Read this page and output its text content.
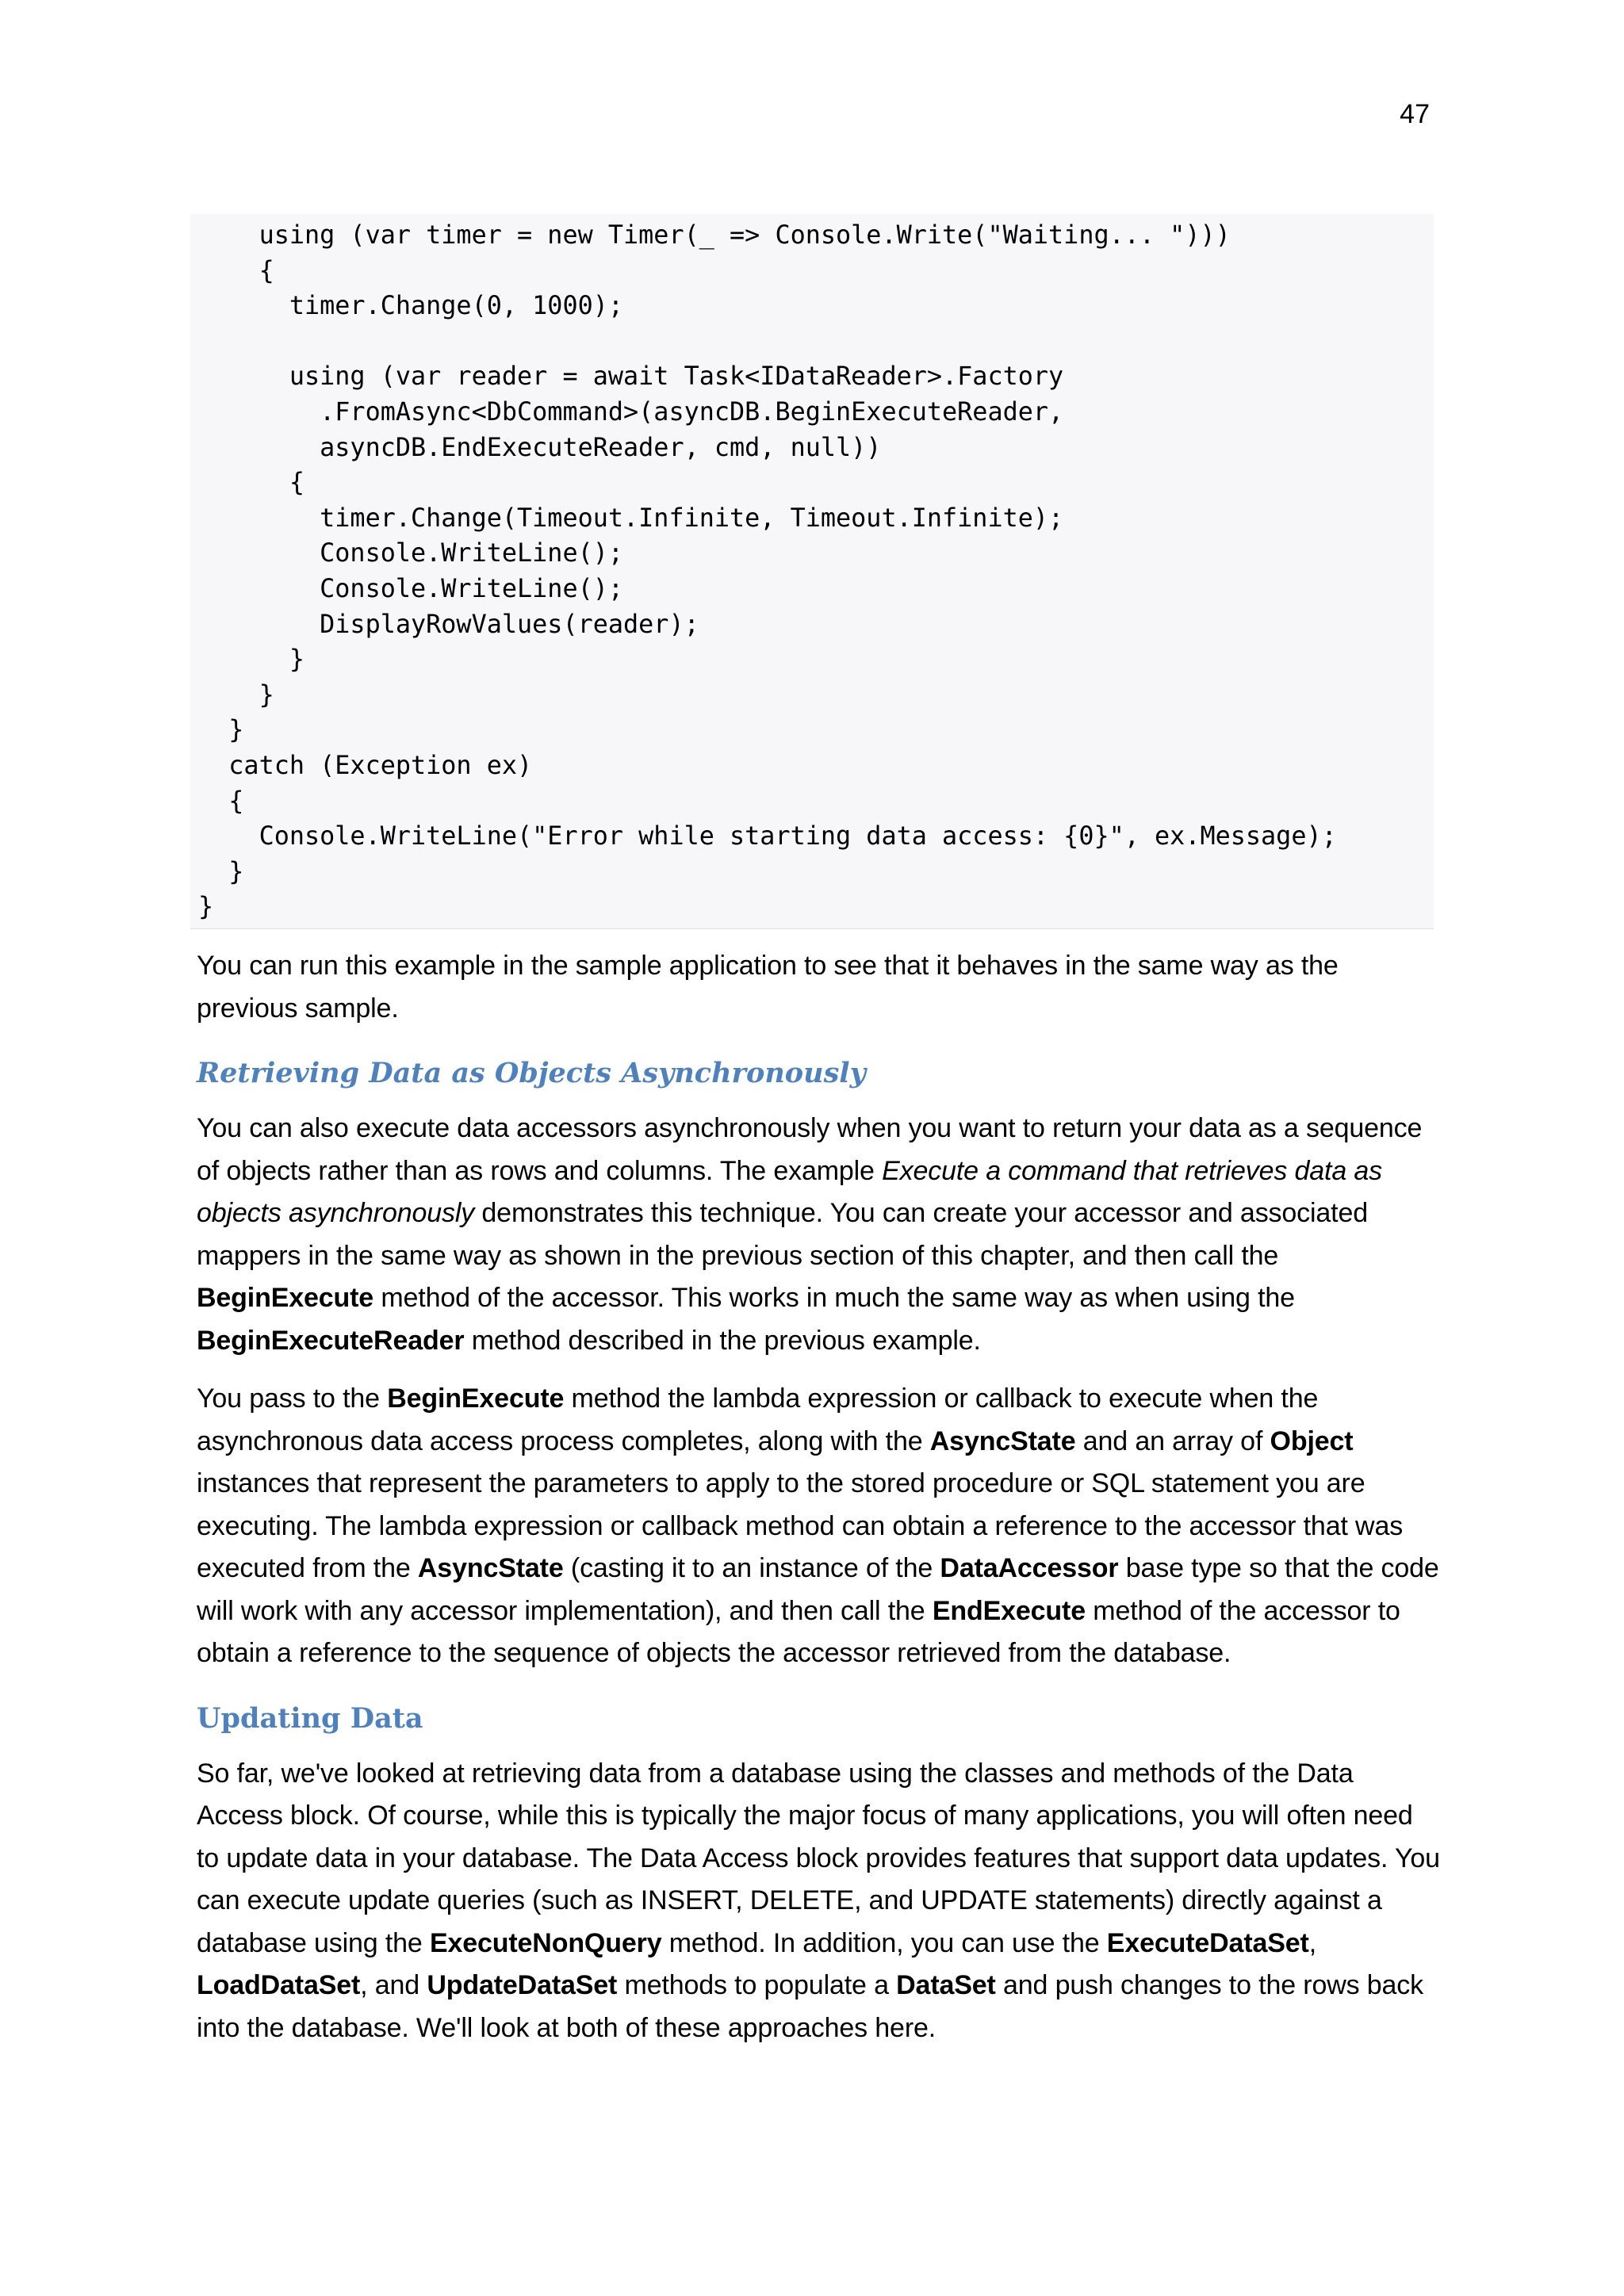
47
using (var timer = new Timer(_ => Console.Write("Waiting... ")))
{
timer.Change(0, 1000);
using (var reader = await Task<IDataReader>.Factory
.FromAsync<DbCommand>(asyncDB.BeginExecuteReader,
asyncDB.EndExecuteReader, cmd, null))
{
timer.Change(Timeout.Infinite, Timeout.Infinite);
Console.WriteLine();
Console.WriteLine();
DisplayRowValues(reader);
}
}
}
catch (Exception ex)
{
Console.WriteLine("Error while starting data access: {0}", ex.Message);
}
}

You can run this example in the sample application to see that it behaves in the same way as the previous sample.

Retrieving Data as Objects Asynchronously

You can also execute data accessors asynchronously when you want to return your data as a sequence of objects rather than as rows and columns. The example Execute a command that retrieves data as objects asynchronously demonstrates this technique. You can create your accessor and associated mappers in the same way as shown in the previous section of this chapter, and then call the BeginExecute method of the accessor. This works in much the same way as when using the BeginExecuteReader method described in the previous example.

You pass to the BeginExecute method the lambda expression or callback to execute when the asynchronous data access process completes, along with the AsyncState and an array of Object instances that represent the parameters to apply to the stored procedure or SQL statement you are executing. The lambda expression or callback method can obtain a reference to the accessor that was executed from the AsyncState (casting it to an instance of the DataAccessor base type so that the code will work with any accessor implementation), and then call the EndExecute method of the accessor to obtain a reference to the sequence of objects the accessor retrieved from the database.

Updating Data

So far, we've looked at retrieving data from a database using the classes and methods of the Data Access block. Of course, while this is typically the major focus of many applications, you will often need to update data in your database. The Data Access block provides features that support data updates. You can execute update queries (such as INSERT, DELETE, and UPDATE statements) directly against a database using the ExecuteNonQuery method. In addition, you can use the ExecuteDataSet, LoadDataSet, and UpdateDataSet methods to populate a DataSet and push changes to the rows back into the database. We'll look at both of these approaches here.
